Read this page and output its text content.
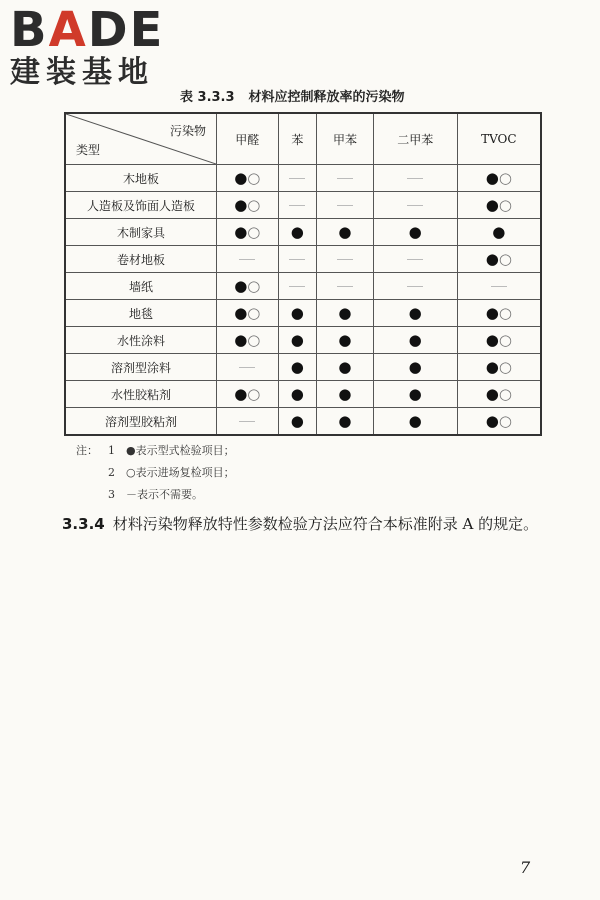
BADE
建装基地
表 3.3.3 材料应控制释放率的污染物
污染物
类型	甲醛	苯	甲苯	二甲苯	TVOC
木地板	●○				●○
人造板及饰面人造板	●○				●○
木制家具	●○	●	●	●	●
卷材地板					●○
墙纸	●○				
地毯	●○	●	●	●	●○
水性涂料	●○	●	●	●	●○
溶剂型涂料		●	●	●	●○
水性胶粘剂	●○	●	●	●	●○
溶剂型胶粘剂		●	●	●	●○
注： 1 ●表示型式检验项目；
2 ○表示进场复检项目；
3 －表示不需要。
3.3.4 材料污染物释放特性参数检验方法应符合本标准附录 A 的规定。
7
